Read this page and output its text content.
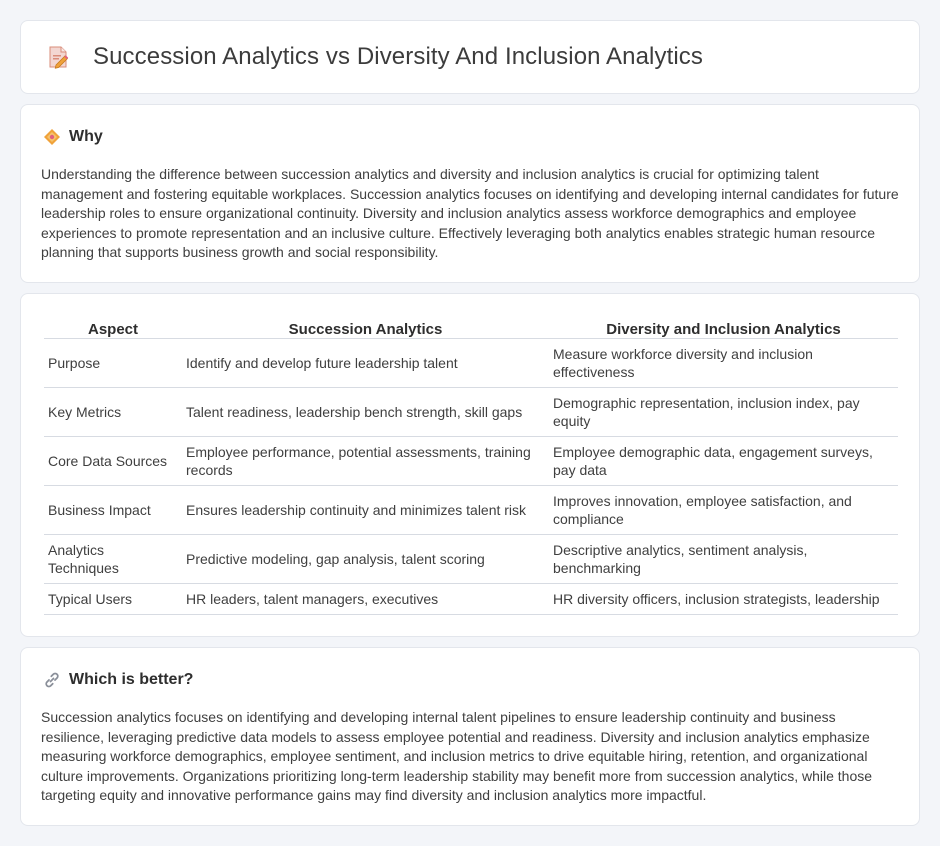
Succession Analytics vs Diversity And Inclusion Analytics
Why

Understanding the difference between succession analytics and diversity and inclusion analytics is crucial for optimizing talent management and fostering equitable workplaces. Succession analytics focuses on identifying and developing internal candidates for future leadership roles to ensure organizational continuity. Diversity and inclusion analytics assess workforce demographics and employee experiences to promote representation and an inclusive culture. Effectively leveraging both analytics enables strategic human resource planning that supports business growth and social responsibility.

Aspect	Succession Analytics	Diversity and Inclusion Analytics
Purpose	Identify and develop future leadership talent	Measure workforce diversity and inclusion effectiveness
Key Metrics	Talent readiness, leadership bench strength, skill gaps	Demographic representation, inclusion index, pay equity
Core Data Sources	Employee performance, potential assessments, training records	Employee demographic data, engagement surveys, pay data
Business Impact	Ensures leadership continuity and minimizes talent risk	Improves innovation, employee satisfaction, and compliance
Analytics Techniques	Predictive modeling, gap analysis, talent scoring	Descriptive analytics, sentiment analysis, benchmarking
Typical Users	HR leaders, talent managers, executives	HR diversity officers, inclusion strategists, leadership
Which is better?

Succession analytics focuses on identifying and developing internal talent pipelines to ensure leadership continuity and business resilience, leveraging predictive data models to assess employee potential and readiness. Diversity and inclusion analytics emphasize measuring workforce demographics, employee sentiment, and inclusion metrics to drive equitable hiring, retention, and organizational culture improvements. Organizations prioritizing long-term leadership stability may benefit more from succession analytics, while those targeting equity and innovative performance gains may find diversity and inclusion analytics more impactful.
